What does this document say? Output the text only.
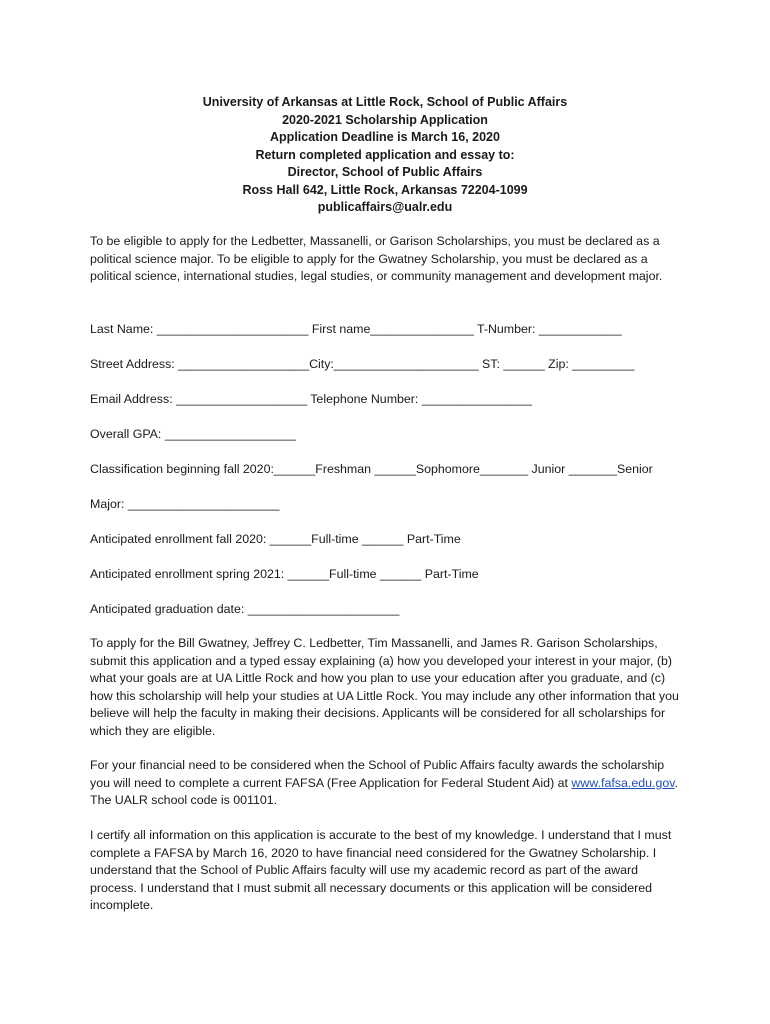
University of Arkansas at Little Rock, School of Public Affairs
2020-2021 Scholarship Application
Application Deadline is March 16, 2020
Return completed application and essay to:
Director, School of Public Affairs
Ross Hall 642, Little Rock, Arkansas 72204-1099
publicaffairs@ualr.edu
To be eligible to apply for the Ledbetter, Massanelli, or Garison Scholarships, you must be declared as a political science major. To be eligible to apply for the Gwatney Scholarship, you must be declared as a political science, international studies, legal studies, or community management and development major.
Last Name: ______________________ First name_______________ T-Number: ____________
Street Address: ___________________City:_____________________ ST: ______ Zip: _________
Email Address: ___________________ Telephone Number: ________________
Overall GPA: ___________________
Classification beginning fall 2020:______Freshman ______Sophomore_______ Junior _______Senior
Major: ______________________
Anticipated enrollment fall 2020: ______Full-time ______ Part-Time
Anticipated enrollment spring 2021: ______Full-time ______ Part-Time
Anticipated graduation date: ______________________
To apply for the Bill Gwatney, Jeffrey C. Ledbetter, Tim Massanelli, and James R. Garison Scholarships, submit this application and a typed essay explaining (a) how you developed your interest in your major, (b) what your goals are at UA Little Rock and how you plan to use your education after you graduate, and (c) how this scholarship will help your studies at UA Little Rock. You may include any other information that you believe will help the faculty in making their decisions. Applicants will be considered for all scholarships for which they are eligible.
For your financial need to be considered when the School of Public Affairs faculty awards the scholarship you will need to complete a current FAFSA (Free Application for Federal Student Aid) at www.fafsa.edu.gov. The UALR school code is 001101.
I certify all information on this application is accurate to the best of my knowledge. I understand that I must complete a FAFSA by March 16, 2020 to have financial need considered for the Gwatney Scholarship. I understand that the School of Public Affairs faculty will use my academic record as part of the award process. I understand that I must submit all necessary documents or this application will be considered incomplete.
